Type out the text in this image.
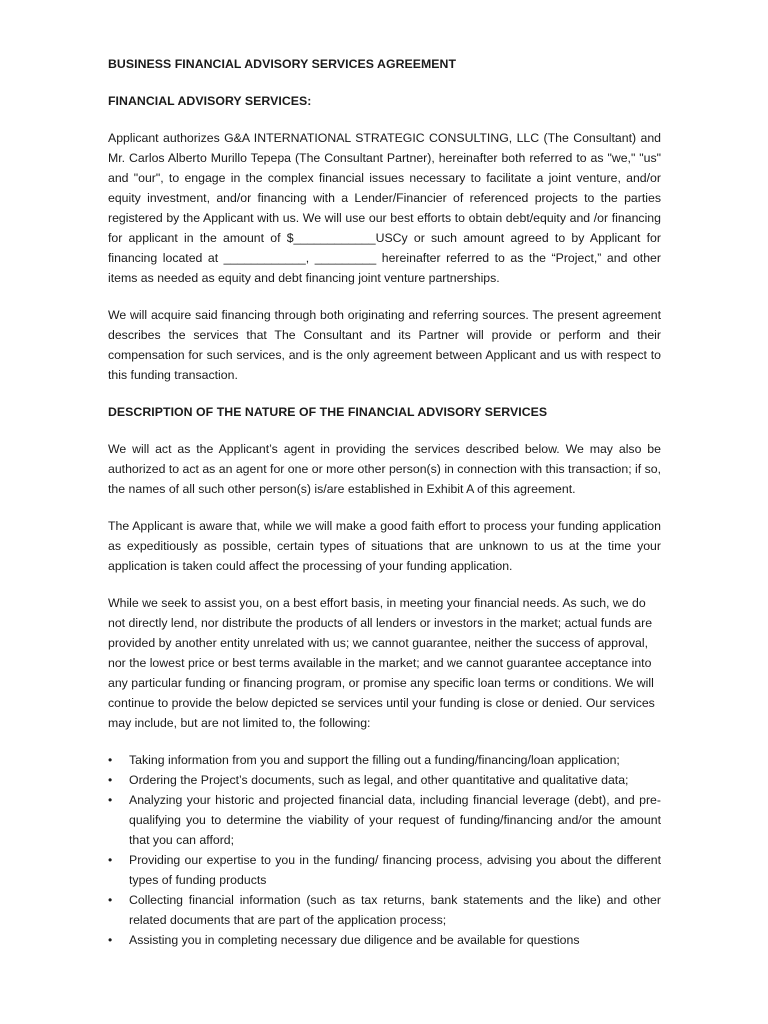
BUSINESS FINANCIAL ADVISORY SERVICES AGREEMENT
FINANCIAL ADVISORY SERVICES:

Applicant authorizes G&A INTERNATIONAL STRATEGIC CONSULTING, LLC (The Consultant) and Mr. Carlos Alberto Murillo Tepepa (The Consultant Partner), hereinafter both referred to as "we," "us" and "our", to engage in the complex financial issues necessary to facilitate a joint venture, and/or equity investment, and/or financing with a Lender/Financier of referenced projects to the parties registered by the Applicant with us. We will use our best efforts to obtain debt/equity and /or financing for applicant in the amount of $____________USCy or such amount agreed to by Applicant for financing located at ____________, _________ hereinafter referred to as the “Project,” and other items as needed as equity and debt financing joint venture partnerships.

We will acquire said financing through both originating and referring sources. The present agreement describes the services that The Consultant and its Partner will provide or perform and their compensation for such services, and is the only agreement between Applicant and us with respect to this funding transaction.

DESCRIPTION OF THE NATURE OF THE FINANCIAL ADVISORY SERVICES

We will act as the Applicant’s agent in providing the services described below. We may also be authorized to act as an agent for one or more other person(s) in connection with this transaction; if so, the names of all such other person(s) is/are established in Exhibit A of this agreement.

The Applicant is aware that, while we will make a good faith effort to process your funding application as expeditiously as possible, certain types of situations that are unknown to us at the time your application is taken could affect the processing of your funding application.

While we seek to assist you, on a best effort basis, in meeting your financial needs. As such, we do not directly lend, nor distribute the products of all lenders or investors in the market; actual funds are provided by another entity unrelated with us; we cannot guarantee, neither the success of approval, nor the lowest price or best terms available in the market; and we cannot guarantee acceptance into any particular funding or financing program, or promise any specific loan terms or conditions. We will continue to provide the below depicted se services until your funding is close or denied. Our services may include, but are not limited to, the following:

• Taking information from you and support the filling out a funding/financing/loan application;
• Ordering the Project’s documents, such as legal, and other quantitative and qualitative data;
• Analyzing your historic and projected financial data, including financial leverage (debt), and pre-qualifying you to determine the viability of your request of funding/financing and/or the amount that you can afford;
• Providing our expertise to you in the funding/ financing process, advising you about the different types of funding products
• Collecting financial information (such as tax returns, bank statements and the like) and other related documents that are part of the application process;
• Assisting you in completing necessary due diligence and be available for questions
